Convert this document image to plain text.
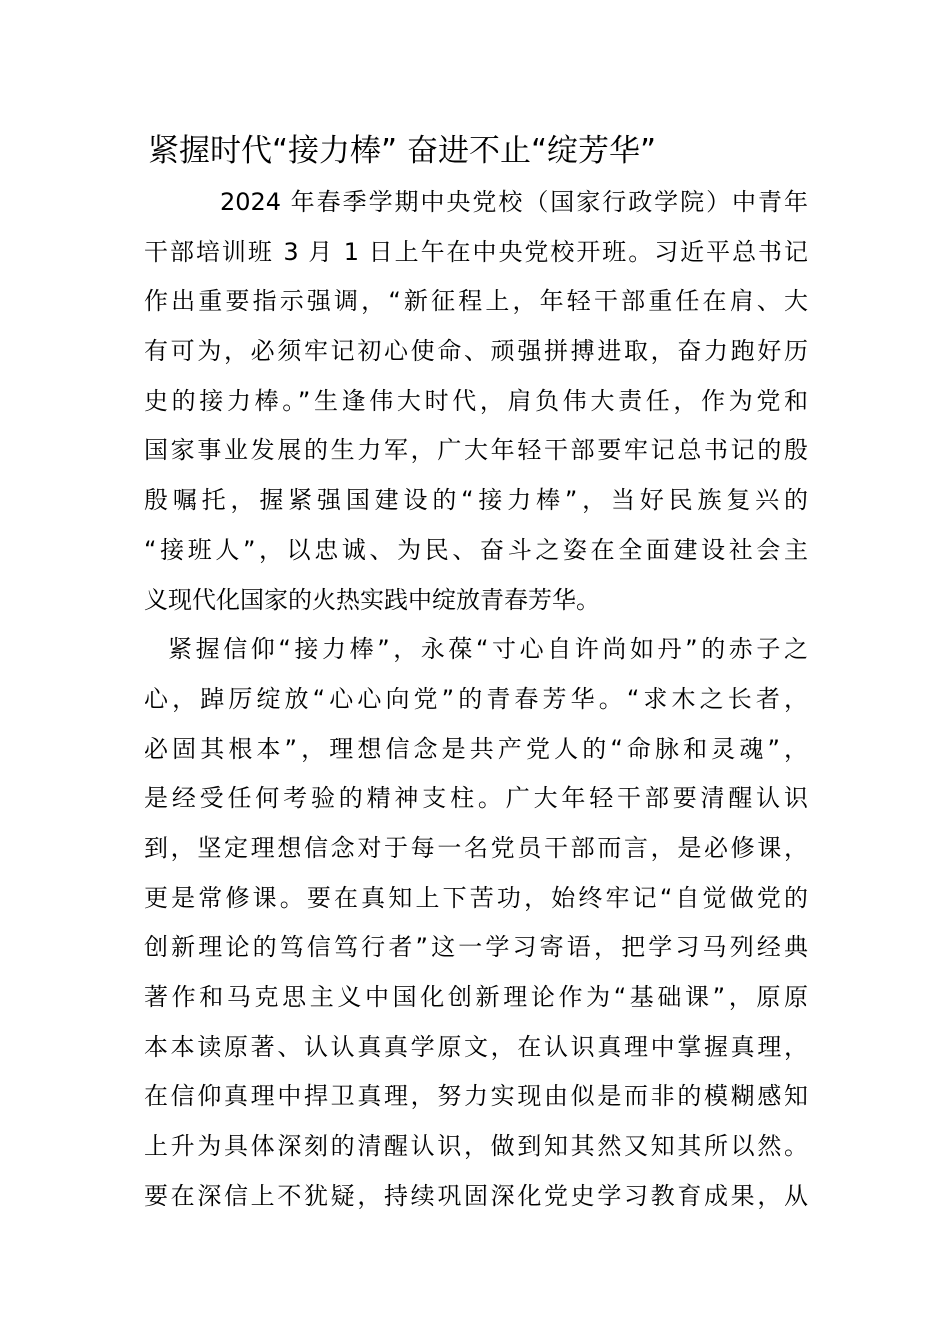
紧握时代“接力棒” 奋进不止“绽芳华”
2024 年春季学期中央党校（国家行政学院）中青年
干部培训班 3 月 1 日上午在中央党校开班。习近平总书记
作出重要指示强调，“新征程上，年轻干部重任在肩、大
有可为，必须牢记初心使命、顽强拼搏进取，奋力跑好历
史的接力棒。”生逢伟大时代，肩负伟大责任，作为党和
国家事业发展的生力军，广大年轻干部要牢记总书记的殷
殷嘱托，握紧强国建设的“接力棒”，当好民族复兴的
“接班人”，以忠诚、为民、奋斗之姿在全面建设社会主
义现代化国家的火热实践中绽放青春芳华。
紧握信仰“接力棒”，永葆“寸心自许尚如丹”的赤子之
心，踔厉绽放“心心向党”的青春芳华。“求木之长者，
必固其根本”，理想信念是共产党人的“命脉和灵魂”，
是经受任何考验的精神支柱。广大年轻干部要清醒认识
到，坚定理想信念对于每一名党员干部而言，是必修课，
更是常修课。要在真知上下苦功，始终牢记“自觉做党的
创新理论的笃信笃行者”这一学习寄语，把学习马列经典
著作和马克思主义中国化创新理论作为“基础课”，原原
本本读原著、认认真真学原文，在认识真理中掌握真理，
在信仰真理中捍卫真理，努力实现由似是而非的模糊感知
上升为具体深刻的清醒认识，做到知其然又知其所以然。
要在深信上不犹疑，持续巩固深化党史学习教育成果，从
